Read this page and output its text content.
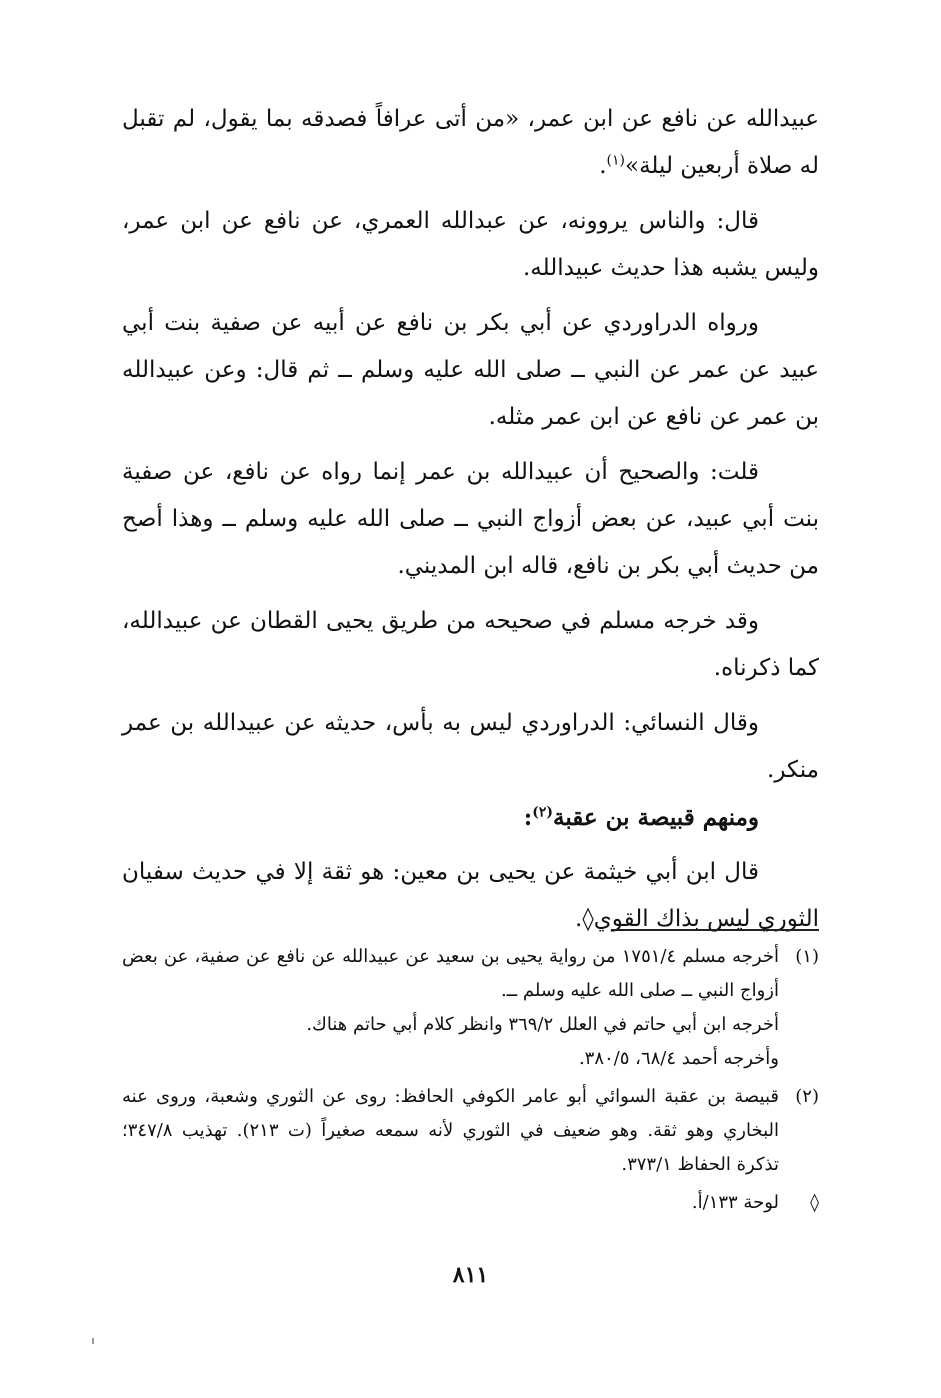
عبيدالله عن نافع عن ابن عمر، «من أتى عرافاً فصدقه بما يقول، لم تقبل له صلاة أربعين ليلة»$^{(١)}$.

قال: والناس يروونه، عن عبدالله العمري، عن نافع عن ابن عمر، وليس يشبه هذا حديث عبيدالله.

ورواه الدراوردي عن أبي بكر بن نافع عن أبيه عن صفية بنت أبي عبيد عن عمر عن النبي ــ صلى الله عليه وسلم ــ ثم قال: وعن عبيدالله بن عمر عن نافع عن ابن عمر مثله.

قلت: والصحيح أن عبيدالله بن عمر إنما رواه عن نافع، عن صفية بنت أبي عبيد، عن بعض أزواج النبي ــ صلى الله عليه وسلم ــ وهذا أصح من حديث أبي بكر بن نافع، قاله ابن المديني.

وقد خرجه مسلم في صحيحه من طريق يحيى القطان عن عبيدالله، كما ذكرناه.

وقال النسائي: الدراوردي ليس به بأس، حديثه عن عبيدالله بن عمر منكر.

ومنهم قبيصة بن عقبة$^{(٢)}$:

قال ابن أبي خيثمة عن يحيى بن معين: هو ثقة إلا في حديث سفيان الثوري ليس بذاك القوي◊.

(١)
أخرجه مسلم ١٧٥١/٤ من رواية يحيى بن سعيد عن عبيدالله عن نافع عن صفية، عن بعض أزواج النبي ــ صلى الله عليه وسلم ــ.
أخرجه ابن أبي حاتم في العلل ٣٦٩/٢ وانظر كلام أبي حاتم هناك.
وأخرجه أحمد ٦٨/٤، ٣٨٠/٥.
(٢)
قبيصة بن عقبة السوائي أبو عامر الكوفي الحافظ: روى عن الثوري وشعبة، وروى عنه البخاري وهو ثقة. وهو ضعيف في الثوري لأنه سمعه صغيراً (ت ٢١٣). تهذيب ٣٤٧/٨؛ تذكرة الحفاظ ٣٧٣/١.
◊
لوحة ١٣٣/أ.
٨١١
